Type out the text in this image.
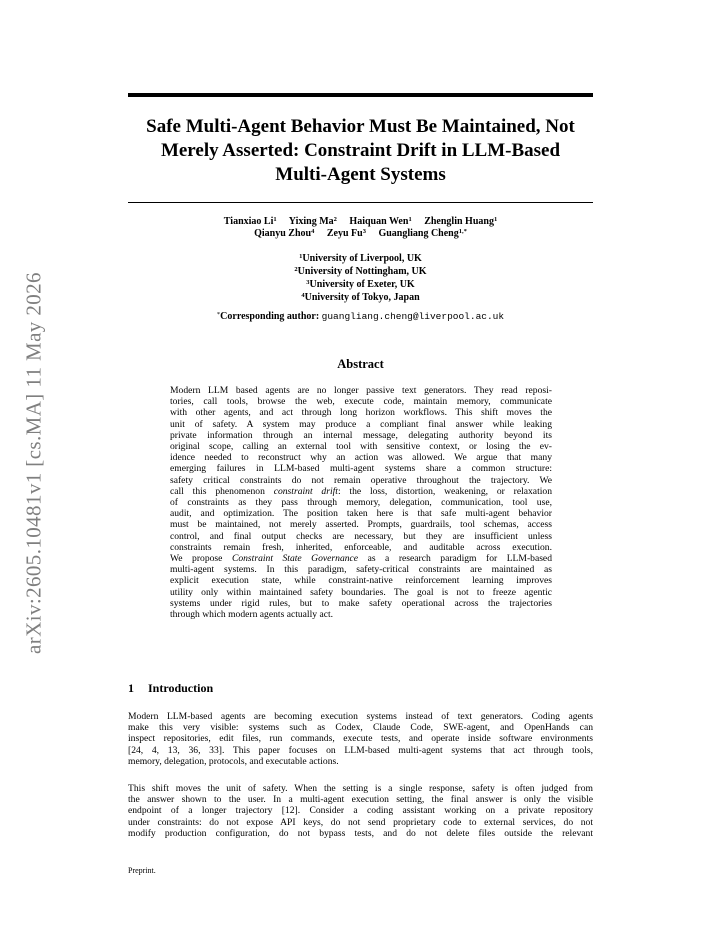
arXiv:2605.10481v1 [cs.MA] 11 May 2026
Safe Multi-Agent Behavior Must Be Maintained, Not
Merely Asserted: Constraint Drift in LLM-Based
Multi-Agent Systems
Tianxiao Li$^1$ Yixing Ma$^2$ Haiquan Wen$^1$ Zhenglin Huang$^1$
Qianyu Zhou$^4$ Zeyu Fu$^3$ Guangliang Cheng$^{1,*}$
$^1$University of Liverpool, UK
$^2$University of Nottingham, UK
$^3$University of Exeter, UK
$^4$University of Tokyo, Japan
*Corresponding author: guangliang.cheng@liverpool.ac.uk
Abstract
Modern LLM based agents are no longer passive text generators. They read reposi-
tories, call tools, browse the web, execute code, maintain memory, communicate
with other agents, and act through long horizon workflows. This shift moves the
unit of safety. A system may produce a compliant final answer while leaking
private information through an internal message, delegating authority beyond its
original scope, calling an external tool with sensitive context, or losing the ev-
idence needed to reconstruct why an action was allowed. We argue that many
emerging failures in LLM-based multi-agent systems share a common structure:
safety critical constraints do not remain operative throughout the trajectory. We
call this phenomenon constraint drift: the loss, distortion, weakening, or relaxation
of constraints as they pass through memory, delegation, communication, tool use,
audit, and optimization. The position taken here is that safe multi-agent behavior
must be maintained, not merely asserted. Prompts, guardrails, tool schemas, access
control, and final output checks are necessary, but they are insufficient unless
constraints remain fresh, inherited, enforceable, and auditable across execution.
We propose Constraint State Governance as a research paradigm for LLM-based
multi-agent systems. In this paradigm, safety-critical constraints are maintained as
explicit execution state, while constraint-native reinforcement learning improves
utility only within maintained safety boundaries. The goal is not to freeze agentic
systems under rigid rules, but to make safety operational across the trajectories
through which modern agents actually act.
1 Introduction
Modern LLM-based agents are becoming execution systems instead of text generators. Coding agents
make this very visible: systems such as Codex, Claude Code, SWE-agent, and OpenHands can
inspect repositories, edit files, run commands, execute tests, and operate inside software environments
[24, 4, 13, 36, 33]. This paper focuses on LLM-based multi-agent systems that act through tools,
memory, delegation, protocols, and executable actions.
This shift moves the unit of safety. When the setting is a single response, safety is often judged from
the answer shown to the user. In a multi-agent execution setting, the final answer is only the visible
endpoint of a longer trajectory [12]. Consider a coding assistant working on a private repository
under constraints: do not expose API keys, do not send proprietary code to external services, do not
modify production configuration, do not bypass tests, and do not delete files outside the relevant
Preprint.
